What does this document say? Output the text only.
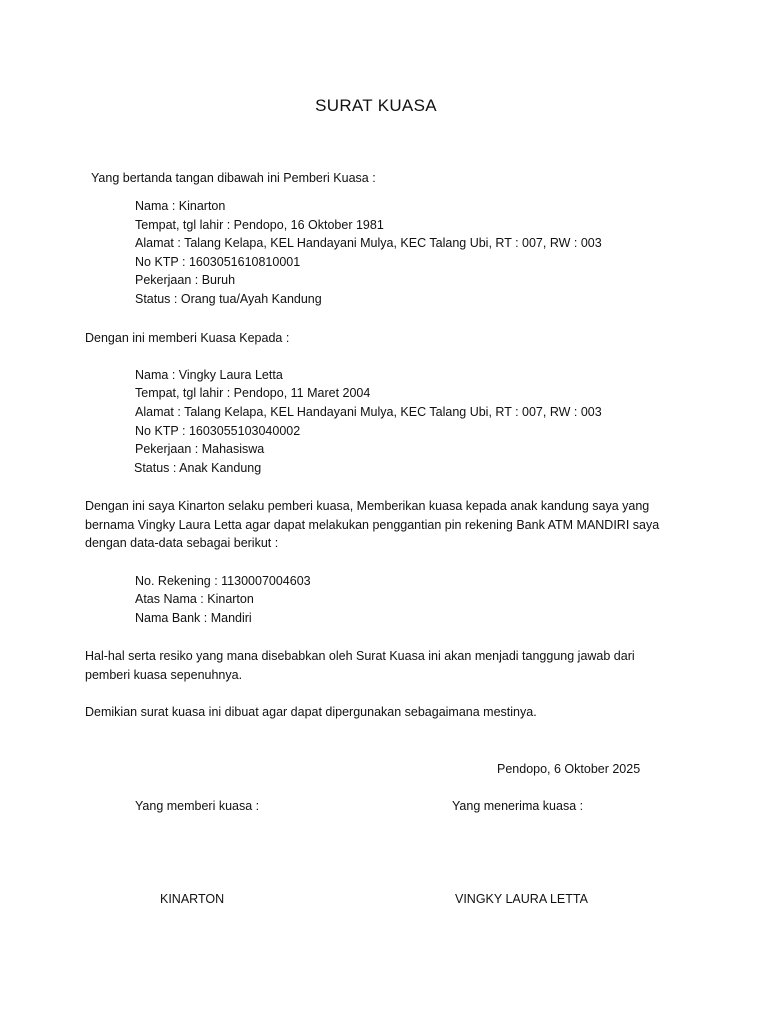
SURAT KUASA
Yang bertanda tangan dibawah ini Pemberi Kuasa :
Nama : Kinarton
Tempat, tgl lahir : Pendopo, 16 Oktober 1981
Alamat : Talang Kelapa, KEL Handayani Mulya, KEC Talang Ubi, RT : 007, RW : 003
No KTP : 1603051610810001
Pekerjaan : Buruh
Status : Orang tua/Ayah Kandung
Dengan ini memberi Kuasa Kepada :
Nama : Vingky Laura Letta
Tempat, tgl lahir : Pendopo, 11 Maret 2004
Alamat : Talang Kelapa, KEL Handayani Mulya, KEC Talang Ubi, RT : 007, RW : 003
No KTP : 1603055103040002
Pekerjaan : Mahasiswa
Status : Anak Kandung
Dengan ini saya Kinarton selaku pemberi kuasa, Memberikan kuasa kepada anak kandung saya yang
bernama Vingky Laura Letta agar dapat melakukan penggantian pin rekening Bank ATM MANDIRI saya
dengan data-data sebagai berikut :
No. Rekening : 1130007004603
Atas Nama : Kinarton
Nama Bank : Mandiri
Hal-hal serta resiko yang mana disebabkan oleh Surat Kuasa ini akan menjadi tanggung jawab dari
pemberi kuasa sepenuhnya.
Demikian surat kuasa ini dibuat agar dapat dipergunakan sebagaimana mestinya.
Pendopo, 6 Oktober 2025
Yang memberi kuasa :	Yang menerima kuasa :
KINARTON	VINGKY LAURA LETTA
